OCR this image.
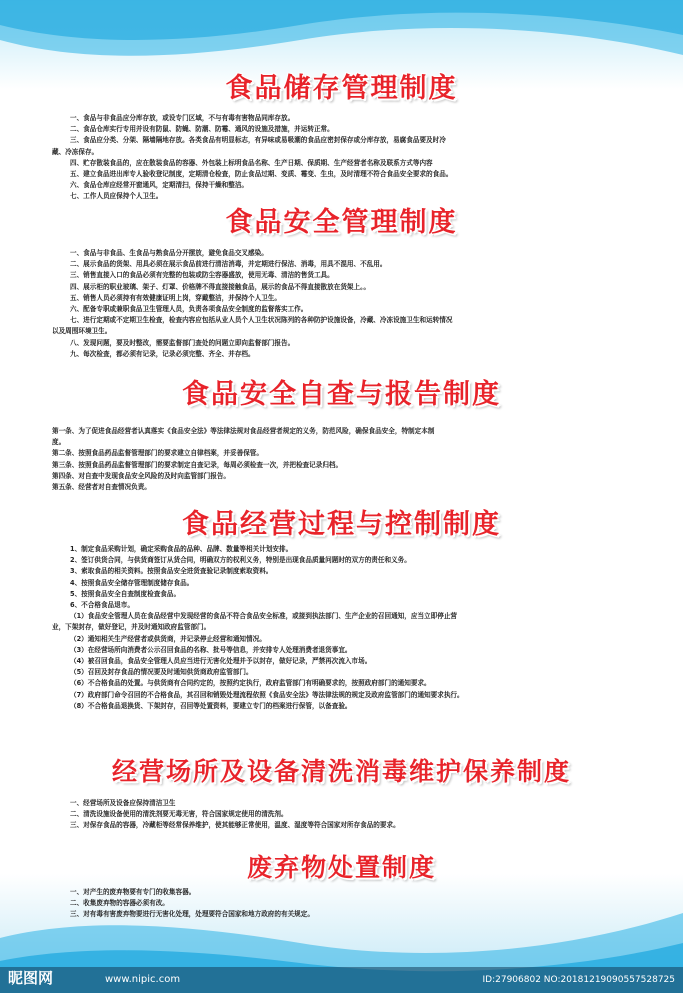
食品储存管理制度

一、食品与非食品应分库存放，或设专门区域，不与有毒有害物品同库存放。

二、食品仓库实行专用并设有防鼠、防蝇、防潮、防霉、通风的设施及措施，并运转正常。

三、食品应分类、分架、隔墙隔地存放。各类食品有明显标志，有异味或易吸潮的食品应密封保存或分库存放，易腐食品要及时冷

藏、冷冻保存。

四、贮存散装食品的，应在散装食品的容器、外包装上标明食品名称、生产日期、保质期、生产经营者名称及联系方式等内容

五、建立食品进出库专人验收登记制度，定期清仓检查，防止食品过期、变质、霉变、生虫，及时清理不符合食品安全要求的食品。

六、食品仓库应经常开窗通风，定期清扫，保持干燥和整洁。

七、工作人员应保持个人卫生。

食品安全管理制度

一、食品与非食品、生食品与熟食品分开摆放，避免食品交叉感染。

二、展示食品的货架、用具必须在展示食品前进行清洁消毒，并定期进行保洁、消毒，用具不混用、不乱用。

三、销售直接入口的食品必须有完整的包装或防尘容器盛放，使用无毒、清洁的售货工具。

四、展示柜的职业玻璃、架子、灯罩、价格牌不得直接接触食品，展示的食品不得直接散放在货架上。。

五、销售人员必须持有有效健康证明上岗，穿戴整洁，并保持个人卫生。

六、配备专职或兼职食品卫生管理人员，负责各项食品安全制度的监督落实工作。

七、进行定期或不定期卫生检查，检查内容应包括从业人员个人卫生状况陈列的各种防护设施设备，冷藏、冷冻设施卫生和运转情况

以及周围环境卫生。

八、发现问题，要及时整改，需要监督部门查处的问题立即向监督部门报告。

九、每次检查，都必须有记录，记录必须完整、齐全、并存档。

食品安全自查与报告制度

第一条、为了促进食品经营者认真落实《食品安全法》等法律法规对食品经营者规定的义务，防范风险，确保食品安全，特制定本制

度。

第二条、按照食品药品监督管理部门的要求建立自律档案，并妥善保管。

第三条、按照食品药品监督管理部门的要求制定自查记录，每周必须检查一次，并把检查记录归档。

第四条、对自查中发现食品安全风险的及时向监管部门报告。

第五条、经营者对自查情况负责。

食品经营过程与控制制度

1、制定食品采购计划，确定采购食品的品种、品牌、数量等相关计划安排。

2、签订供货合同，与供货商签订从货合同，明确双方的权利义务，特别是出现食品质量问题时的双方的责任和义务。

3、索取食品的相关资料。按照食品安全进货查验记录制度索取资料。

4、按照食品安全储存管理制度储存食品。

5、按照食品安全自查制度检查食品。

6、不合格食品退市。

（1）食品安全管理人员在食品经营中发现经营的食品不符合食品安全标准，或接到执法部门、生产企业的召回通知，应当立即停止营

业，下架封存，做好登记，并及时通知政府监管部门。

（2）通知相关生产经营者或供货商，并记录停止经营和通知情况。

（3）在经营场所向消费者公示召回食品的名称、批号等信息，并安排专人处理消费者退货事宜。

（4）被召回食品，食品安全管理人员应当进行无害化处理并予以封存，做好记录，严禁再次流入市场。

（5）召回及封存食品的情况要及时通知供货商政府监管部门。

（6）不合格食品的处置。与供货商有合同约定的，按照约定执行，政府监管部门有明确要求的，按照政府部门的通知要求。

（7）政府部门命令召回的不合格食品，其召回和销毁处理流程依照《食品安全法》等法律法规的规定及政府监管部门的通知要求执行。

（8）不合格食品退换货、下架封存，召回等处置资料，要建立专门的档案进行保管，以备查验。

经营场所及设备清洗消毒维护保养制度

一、经营场所及设备应保持清洁卫生

二、清洗设施设备使用的清洗剂要无毒无害，符合国家规定使用的清洗剂。

三、对保存食品的容器，冷藏柜等经常保养维护，使其能够正常使用，温度、湿度等符合国家对所存食品的要求。

废弃物处置制度

一、对产生的废弃物要有专门的收集容器。

二、收集废弃物的容器必须有改。

三、对有毒有害废弃物要进行无害化处理，处理要符合国家和地方政府的有关规定。

昵图网	www.nipic.com	ID:27906802 NO:20181219090557528725
